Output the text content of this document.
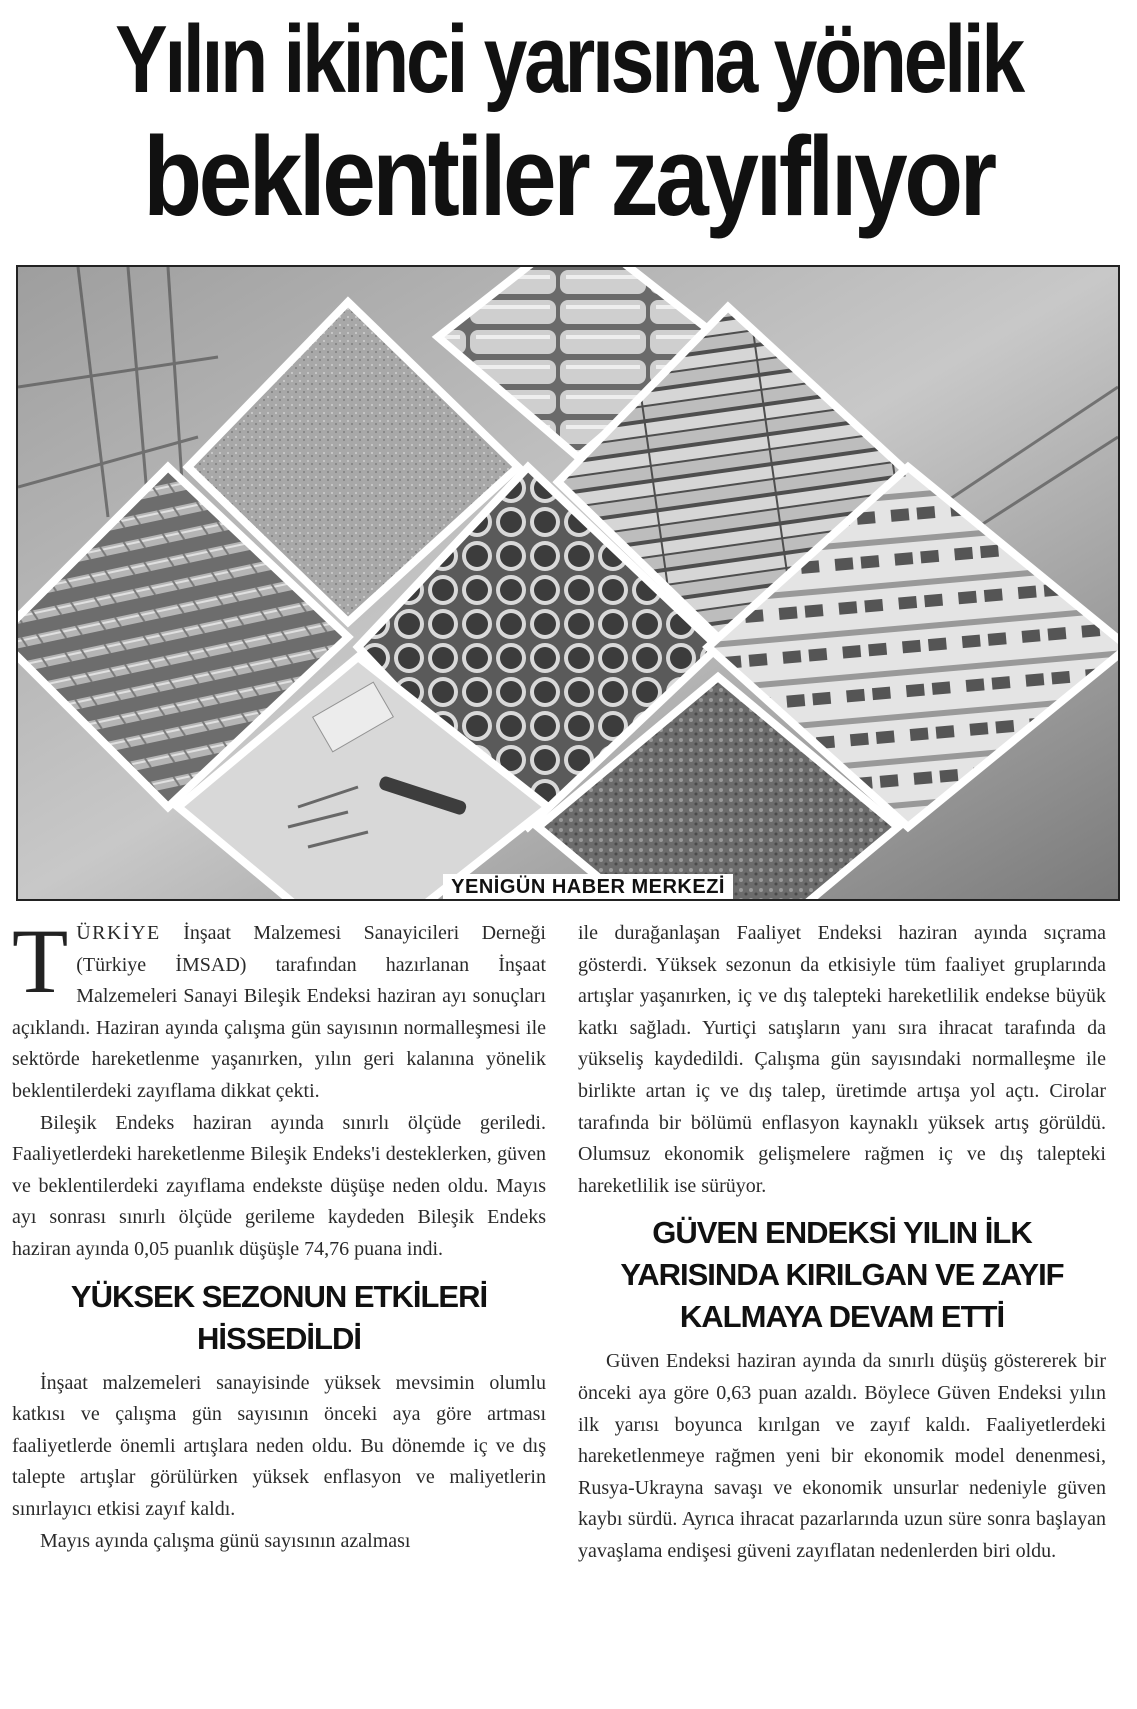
Yılın ikinci yarısına yönelik
beklentiler zayıflıyor
YENİGÜN HABER MERKEZİ

TÜRKİYE İnşaat Malzemesi Sanayicileri Derneği (Türkiye İMSAD) tarafından hazırlanan İnşaat Malzemeleri Sanayi Bileşik Endeksi haziran ayı sonuçları açıklandı. Haziran ayında çalışma gün sayısının normalleşmesi ile sektörde hareketlenme yaşanırken, yılın geri kalanına yönelik beklentilerdeki zayıflama dikkat çekti.

Bileşik Endeks haziran ayında sınırlı ölçüde geriledi. Faaliyetlerdeki hareketlenme Bileşik Endeks'i desteklerken, güven ve beklentilerdeki zayıflama endekste düşüşe neden oldu. Mayıs ayı sonrası sınırlı ölçüde gerileme kaydeden Bileşik Endeks haziran ayında 0,05 puanlık düşüşle 74,76 puana indi.

YÜKSEK SEZONUN ETKİLERİ HİSSEDİLDİ

İnşaat malzemeleri sanayisinde yüksek mevsimin olumlu katkısı ve çalışma gün sayısının önceki aya göre artması faaliyetlerde önemli artışlara neden oldu. Bu dönemde iç ve dış talepte artışlar görülürken yüksek enflasyon ve maliyetlerin sınırlayıcı etkisi zayıf kaldı.

Mayıs ayında çalışma günü sayısının azalması

ile durağanlaşan Faaliyet Endeksi haziran ayında sıçrama gösterdi. Yüksek sezonun da etkisiyle tüm faaliyet gruplarında artışlar yaşanırken, iç ve dış talepteki hareketlilik endekse büyük katkı sağladı. Yurtiçi satışların yanı sıra ihracat tarafında da yükseliş kaydedildi. Çalışma gün sayısındaki normalleşme ile birlikte artan iç ve dış talep, üretimde artışa yol açtı. Cirolar tarafında bir bölümü enflasyon kaynaklı yüksek artış görüldü. Olumsuz ekonomik gelişmelere rağmen iç ve dış talepteki hareketlilik ise sürüyor.

GÜVEN ENDEKSİ YILIN İLK YARISINDA KIRILGAN VE ZAYIF KALMAYA DEVAM ETTİ

Güven Endeksi haziran ayında da sınırlı düşüş göstererek bir önceki aya göre 0,63 puan azaldı. Böylece Güven Endeksi yılın ilk yarısı boyunca kırılgan ve zayıf kaldı. Faaliyetlerdeki hareketlenmeye rağmen yeni bir ekonomik model denenmesi, Rusya-Ukrayna savaşı ve ekonomik unsurlar nedeniyle güven kaybı sürdü. Ayrıca ihracat pazarlarında uzun süre sonra başlayan yavaşlama endişesi güveni zayıflatan nedenlerden biri oldu.
